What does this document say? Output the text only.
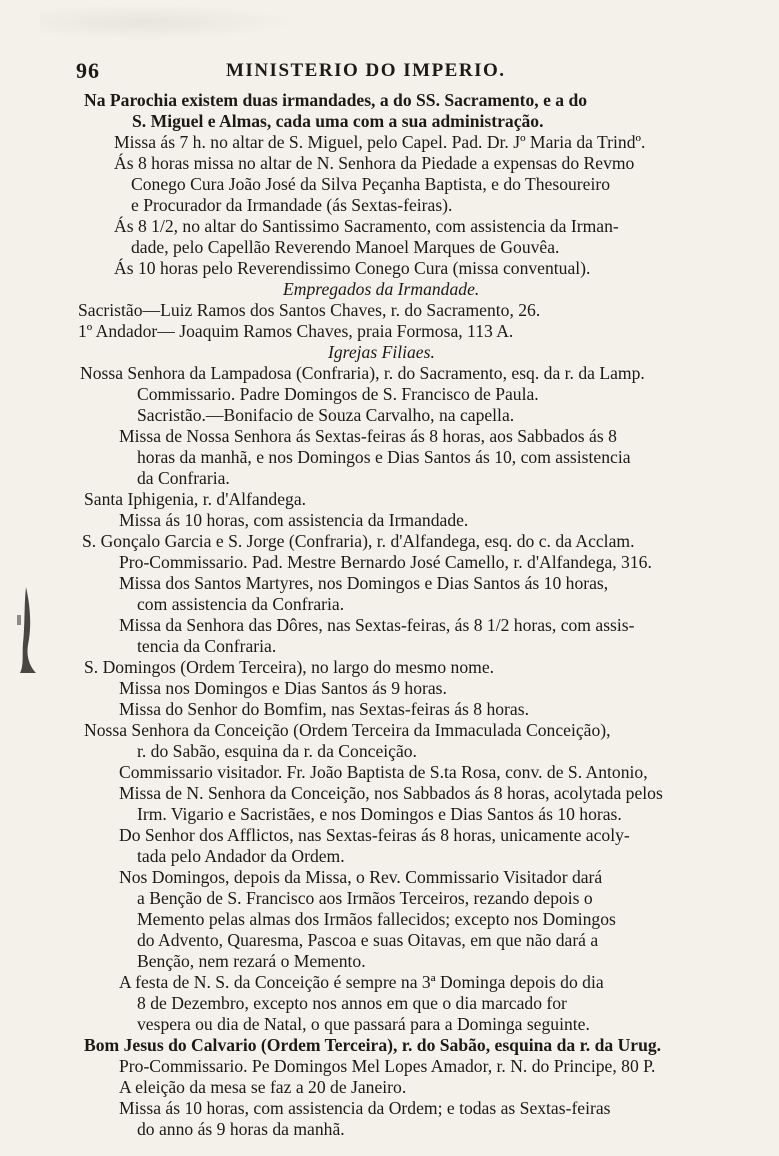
96	MINISTERIO DO IMPERIO.
Na Parochia existem duas irmandades, a do SS. Sacramento, e a do
S. Miguel e Almas, cada uma com a sua administração.
Missa ás 7 h. no altar de S. Miguel, pelo Capel. Pad. Dr. Jº Maria da Trindº.
Ás 8 horas missa no altar de N. Senhora da Piedade a expensas do Revmo
Conego Cura João José da Silva Peçanha Baptista, e do Thesoureiro
e Procurador da Irmandade (ás Sextas-feiras).
Ás 8 1/2, no altar do Santissimo Sacramento, com assistencia da Irman-
dade, pelo Capellão Reverendo Manoel Marques de Gouvêa.
Ás 10 horas pelo Reverendissimo Conego Cura (missa conventual).
Empregados da Irmandade.
Sacristão—Luiz Ramos dos Santos Chaves, r. do Sacramento, 26.
1º Andador— Joaquim Ramos Chaves, praia Formosa, 113 A.
Igrejas Filiaes.
Nossa Senhora da Lampadosa (Confraria), r. do Sacramento, esq. da r. da Lamp.
Commissario. Padre Domingos de S. Francisco de Paula.
Sacristão.—Bonifacio de Souza Carvalho, na capella.
Missa de Nossa Senhora ás Sextas-feiras ás 8 horas, aos Sabbados ás 8
horas da manhã, e nos Domingos e Dias Santos ás 10, com assistencia
da Confraria.
Santa Iphigenia, r. d'Alfandega.
Missa ás 10 horas, com assistencia da Irmandade.
S. Gonçalo Garcia e S. Jorge (Confraria), r. d'Alfandega, esq. do c. da Acclam.
Pro-Commissario. Pad. Mestre Bernardo José Camello, r. d'Alfandega, 316.
Missa dos Santos Martyres, nos Domingos e Dias Santos ás 10 horas,
com assistencia da Confraria.
Missa da Senhora das Dôres, nas Sextas-feiras, ás 8 1/2 horas, com assis-
tencia da Confraria.
S. Domingos (Ordem Terceira), no largo do mesmo nome.
Missa nos Domingos e Dias Santos ás 9 horas.
Missa do Senhor do Bomfim, nas Sextas-feiras ás 8 horas.
Nossa Senhora da Conceição (Ordem Terceira da Immaculada Conceição),
r. do Sabão, esquina da r. da Conceição.
Commissario visitador. Fr. João Baptista de S.ta Rosa, conv. de S. Antonio,
Missa de N. Senhora da Conceição, nos Sabbados ás 8 horas, acolytada pelos
Irm. Vigario e Sacristães, e nos Domingos e Dias Santos ás 10 horas.
Do Senhor dos Afflictos, nas Sextas-feiras ás 8 horas, unicamente acoly-
tada pelo Andador da Ordem.
Nos Domingos, depois da Missa, o Rev. Commissario Visitador dará
a Benção de S. Francisco aos Irmãos Terceiros, rezando depois o
Memento pelas almas dos Irmãos fallecidos; excepto nos Domingos
do Advento, Quaresma, Pascoa e suas Oitavas, em que não dará a
Benção, nem rezará o Memento.
A festa de N. S. da Conceição é sempre na 3ª Dominga depois do dia
8 de Dezembro, excepto nos annos em que o dia marcado for
vespera ou dia de Natal, o que passará para a Dominga seguinte.
Bom Jesus do Calvario (Ordem Terceira), r. do Sabão, esquina da r. da Urug.
Pro-Commissario. Pe Domingos Mel Lopes Amador, r. N. do Principe, 80 P.
A eleição da mesa se faz a 20 de Janeiro.
Missa ás 10 horas, com assistencia da Ordem; e todas as Sextas-feiras
do anno ás 9 horas da manhã.
